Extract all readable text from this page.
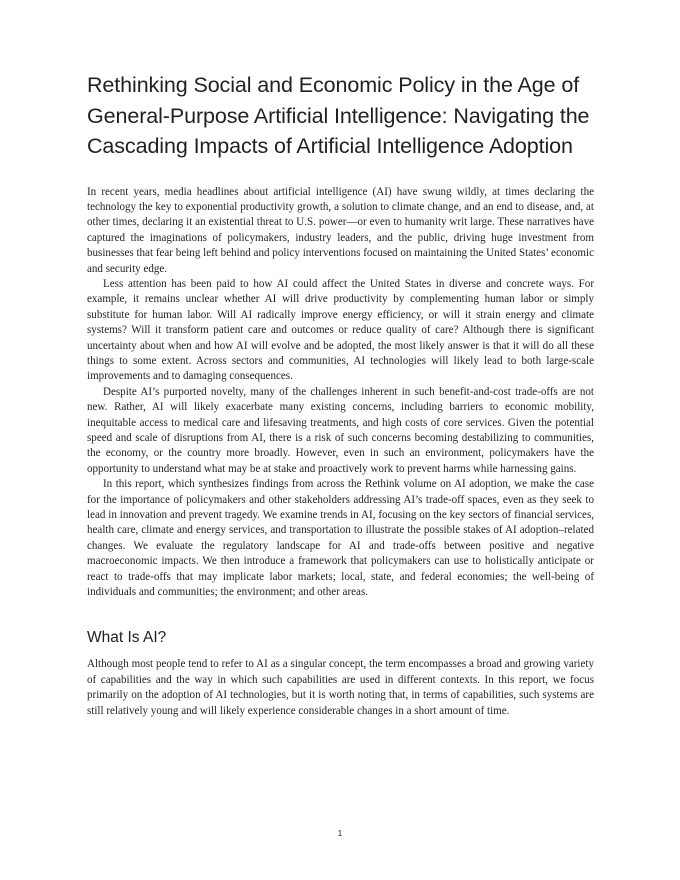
Rethinking Social and Economic Policy in the Age of General-Purpose Artificial Intelligence: Navigating the Cascading Impacts of Artificial Intelligence Adoption

In recent years, media headlines about artificial intelligence (AI) have swung wildly, at times declaring the technology the key to exponential productivity growth, a solution to climate change, and an end to disease, and, at other times, declaring it an existential threat to U.S. power—or even to humanity writ large. These narratives have captured the imaginations of policymakers, industry leaders, and the public, driving huge investment from businesses that fear being left behind and policy interventions focused on maintaining the United States’ economic and security edge.

Less attention has been paid to how AI could affect the United States in diverse and concrete ways. For example, it remains unclear whether AI will drive productivity by complementing human labor or simply substitute for human labor. Will AI radically improve energy efficiency, or will it strain energy and climate systems? Will it transform patient care and outcomes or reduce quality of care? Although there is significant uncertainty about when and how AI will evolve and be adopted, the most likely answer is that it will do all these things to some extent. Across sectors and communities, AI technologies will likely lead to both large-scale improvements and to damaging consequences.

Despite AI’s purported novelty, many of the challenges inherent in such benefit-and-cost trade-offs are not new. Rather, AI will likely exacerbate many existing concerns, including barriers to economic mobility, inequitable access to medical care and lifesaving treatments, and high costs of core services. Given the potential speed and scale of disruptions from AI, there is a risk of such concerns becoming destabilizing to communities, the economy, or the country more broadly. However, even in such an environment, policymakers have the opportunity to understand what may be at stake and proactively work to prevent harms while harnessing gains.

In this report, which synthesizes findings from across the Rethink volume on AI adoption, we make the case for the importance of policymakers and other stakeholders addressing AI’s trade-off spaces, even as they seek to lead in innovation and prevent tragedy. We examine trends in AI, focusing on the key sectors of financial services, health care, climate and energy services, and transportation to illustrate the possible stakes of AI adoption–related changes. We evaluate the regulatory landscape for AI and trade-offs between positive and negative macroeconomic impacts. We then introduce a framework that policymakers can use to holistically anticipate or react to trade-offs that may implicate labor markets; local, state, and federal economies; the well-being of individuals and communities; the environment; and other areas.

What Is AI?

Although most people tend to refer to AI as a singular concept, the term encompasses a broad and growing variety of capabilities and the way in which such capabilities are used in different contexts. In this report, we focus primarily on the adoption of AI technologies, but it is worth noting that, in terms of capabilities, such systems are still relatively young and will likely experience considerable changes in a short amount of time.

1
